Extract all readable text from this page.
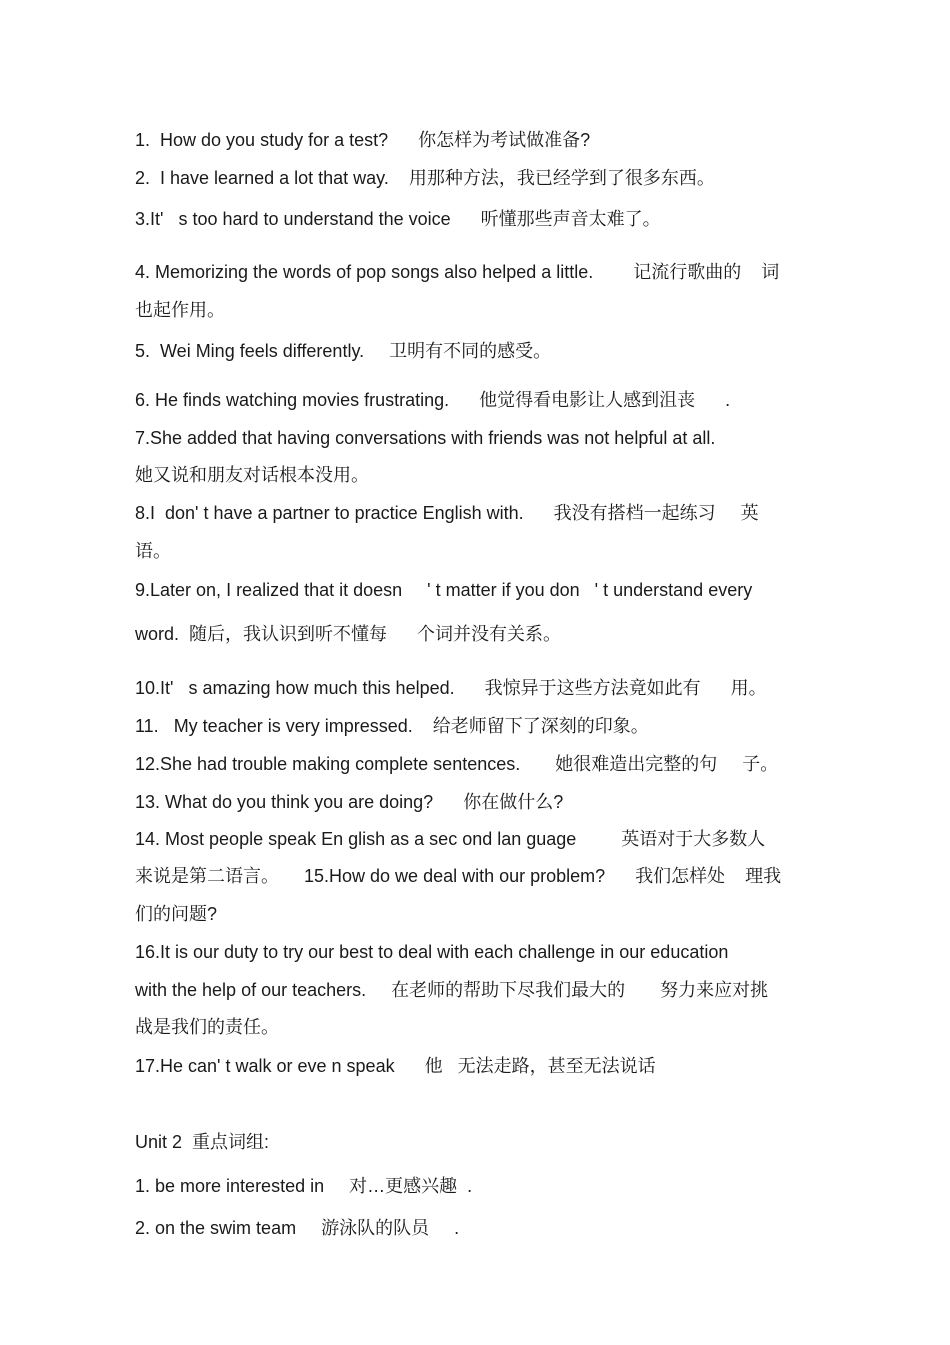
1.  How do you study for a test?      你怎样为考试做准备?
2.  I have learned a lot that way.    用那种方法，我已经学到了很多东西。
3.It'   s too hard to understand the voice      听懂那些声音太难了。
4. Memorizing the words of pop songs also helped a little.        记流行歌曲的    词
也起作用。
5.  Wei Ming feels differently.     卫明有不同的感受。
6. He finds watching movies frustrating.      他觉得看电影让人感到沮丧      .
7.She added that having conversations with friends was not helpful at all.
她又说和朋友对话根本没用。
8.I  don' t have a partner to practice English with.      我没有搭档一起练习     英
语。
9.Later on, I realized that it doesn     ' t matter if you don   ' t understand every
word.  随后，我认识到听不懂每      个词并没有关系。
10.It'   s amazing how much this helped.      我惊异于这些方法竟如此有      用。
11.   My teacher is very impressed.    给老师留下了深刻的印象。
12.She had trouble making complete sentences.       她很难造出完整的句     子。
13. What do you think you are doing?      你在做什么?
14. Most people speak En glish as a sec ond lan guage         英语对于大多数人
来说是第二语言。     15.How do we deal with our problem?      我们怎样处    理我
们的问题?
16.It is our duty to try our best to deal with each challenge in our education
with the help of our teachers.     在老师的帮助下尽我们最大的       努力来应对挑
战是我们的责任。
17.He can' t walk or eve n speak      他   无法走路，甚至无法说话
Unit 2  重点词组:
1. be more interested in     对…更感兴趣  .
2. on the swim team     游泳队的队员     .
